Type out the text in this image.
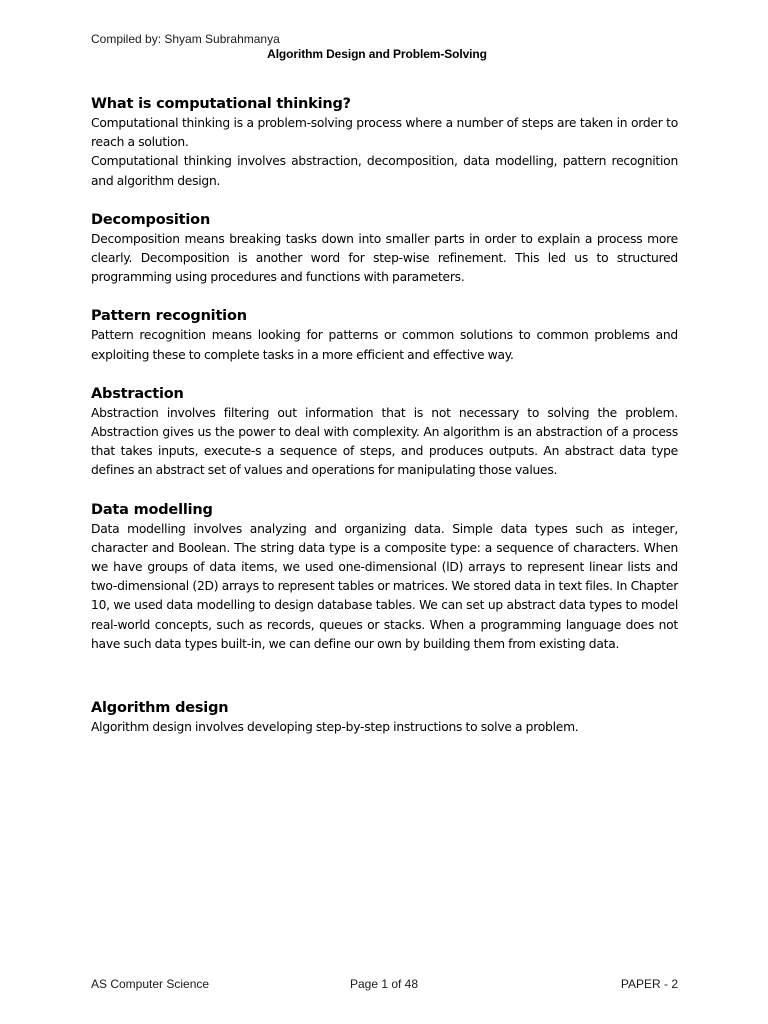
Compiled by: Shyam Subrahmanya
Algorithm Design and Problem-Solving
What is computational thinking?

Computational thinking is a problem-solving process where a number of steps are taken in order to reach a solution.

Computational thinking involves abstraction, decomposition, data modelling, pattern recognition and algorithm design.

Decomposition

Decomposition means breaking tasks down into smaller parts in order to explain a process more clearly. Decomposition is another word for step-wise refinement. This led us to structured programming using procedures and functions with parameters.

Pattern recognition

Pattern recognition means looking for patterns or common solutions to common problems and exploiting these to complete tasks in a more efficient and effective way.

Abstraction

Abstraction involves filtering out information that is not necessary to solving the problem. Abstraction gives us the power to deal with complexity. An algorithm is an abstraction of a process that takes inputs, execute-s a sequence of steps, and produces outputs. An abstract data type defines an abstract set of values and operations for manipulating those values.

Data modelling

Data modelling involves analyzing and organizing data. Simple data types such as integer, character and Boolean. The string data type is a composite type: a sequence of characters. When we have groups of data items, we used one-dimensional (lD) arrays to represent linear lists and two-dimensional (2D) arrays to represent tables or matrices. We stored data in text files. In Chapter 10, we used data modelling to design database tables. We can set up abstract data types to model real-world concepts, such as records, queues or stacks. When a programming language does not have such data types built-in, we can define our own by building them from existing data.

Algorithm design

Algorithm design involves developing step-by-step instructions to solve a problem.

AS Computer Science	Page 1 of 48	PAPER - 2
